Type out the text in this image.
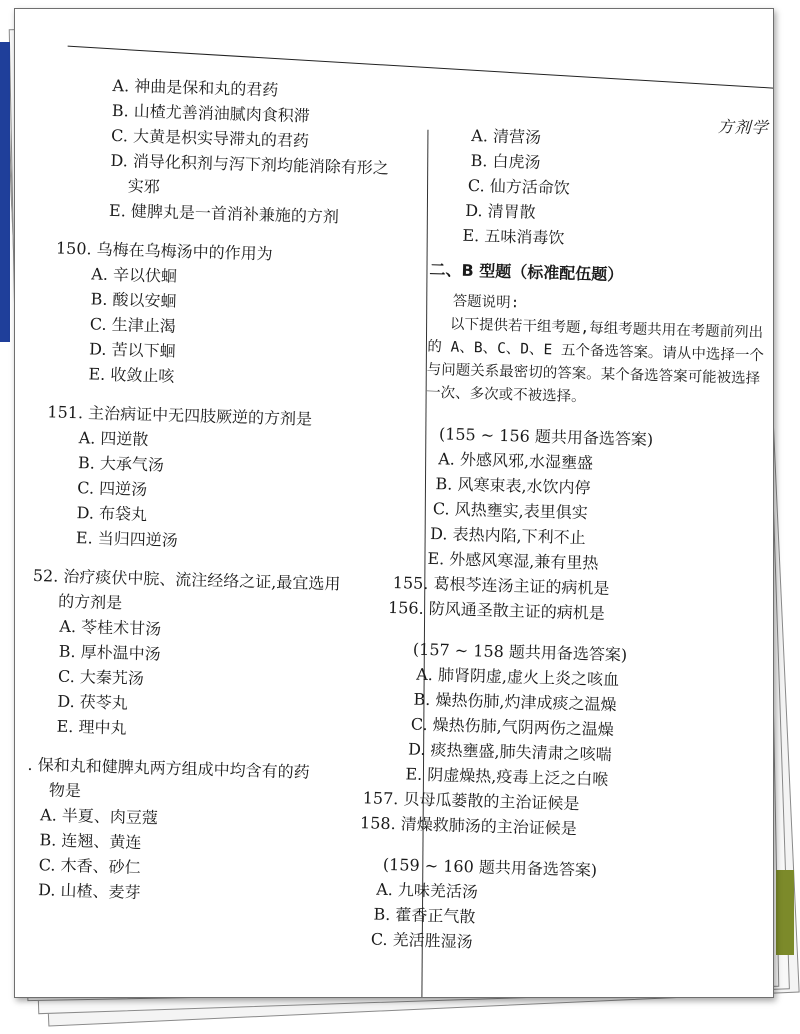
方剂学
A. 神曲是保和丸的君药
B. 山楂尤善消油腻肉食积滞
C. 大黄是枳实导滞丸的君药
D. 消导化积剂与泻下剂均能消除有形之
实邪
E. 健脾丸是一首消补兼施的方剂
150. 乌梅在乌梅汤中的作用为
A. 辛以伏蛔
B. 酸以安蛔
C. 生津止渴
D. 苦以下蛔
E. 收敛止咳
151. 主治病证中无四肢厥逆的方剂是
A. 四逆散
B. 大承气汤
C. 四逆汤
D. 布袋丸
E. 当归四逆汤
52. 治疗痰伏中脘、流注经络之证,最宜选用
的方剂是
A. 苓桂术甘汤
B. 厚朴温中汤
C. 大秦艽汤
D. 茯苓丸
E. 理中丸
. 保和丸和健脾丸两方组成中均含有的药
物是
A. 半夏、肉豆蔻
B. 连翘、黄连
C. 木香、砂仁
D. 山楂、麦芽
A. 清营汤
B. 白虎汤
C. 仙方活命饮
D. 清胃散
E. 五味消毒饮
二、B 型题（标准配伍题）
答题说明:

以下提供若干组考题,每组考题共用在考题前列出的 A、B、C、D、E 五个备选答案。请从中选择一个与问题关系最密切的答案。某个备选答案可能被选择一次、多次或不被选择。

(155 ~ 156 题共用备选答案)
A. 外感风邪,水湿壅盛
B. 风寒束表,水饮内停
C. 风热壅实,表里俱实
D. 表热内陷,下利不止
E. 外感风寒湿,兼有里热
155. 葛根芩连汤主证的病机是
156. 防风通圣散主证的病机是
(157 ~ 158 题共用备选答案)
A. 肺肾阴虚,虚火上炎之咳血
B. 燥热伤肺,灼津成痰之温燥
C. 燥热伤肺,气阴两伤之温燥
D. 痰热壅盛,肺失清肃之咳喘
E. 阴虚燥热,疫毒上泛之白喉
157. 贝母瓜蒌散的主治证候是
158. 清燥救肺汤的主治证候是
(159 ~ 160 题共用备选答案)
A. 九味羌活汤
B. 藿香正气散
C. 羌活胜湿汤
